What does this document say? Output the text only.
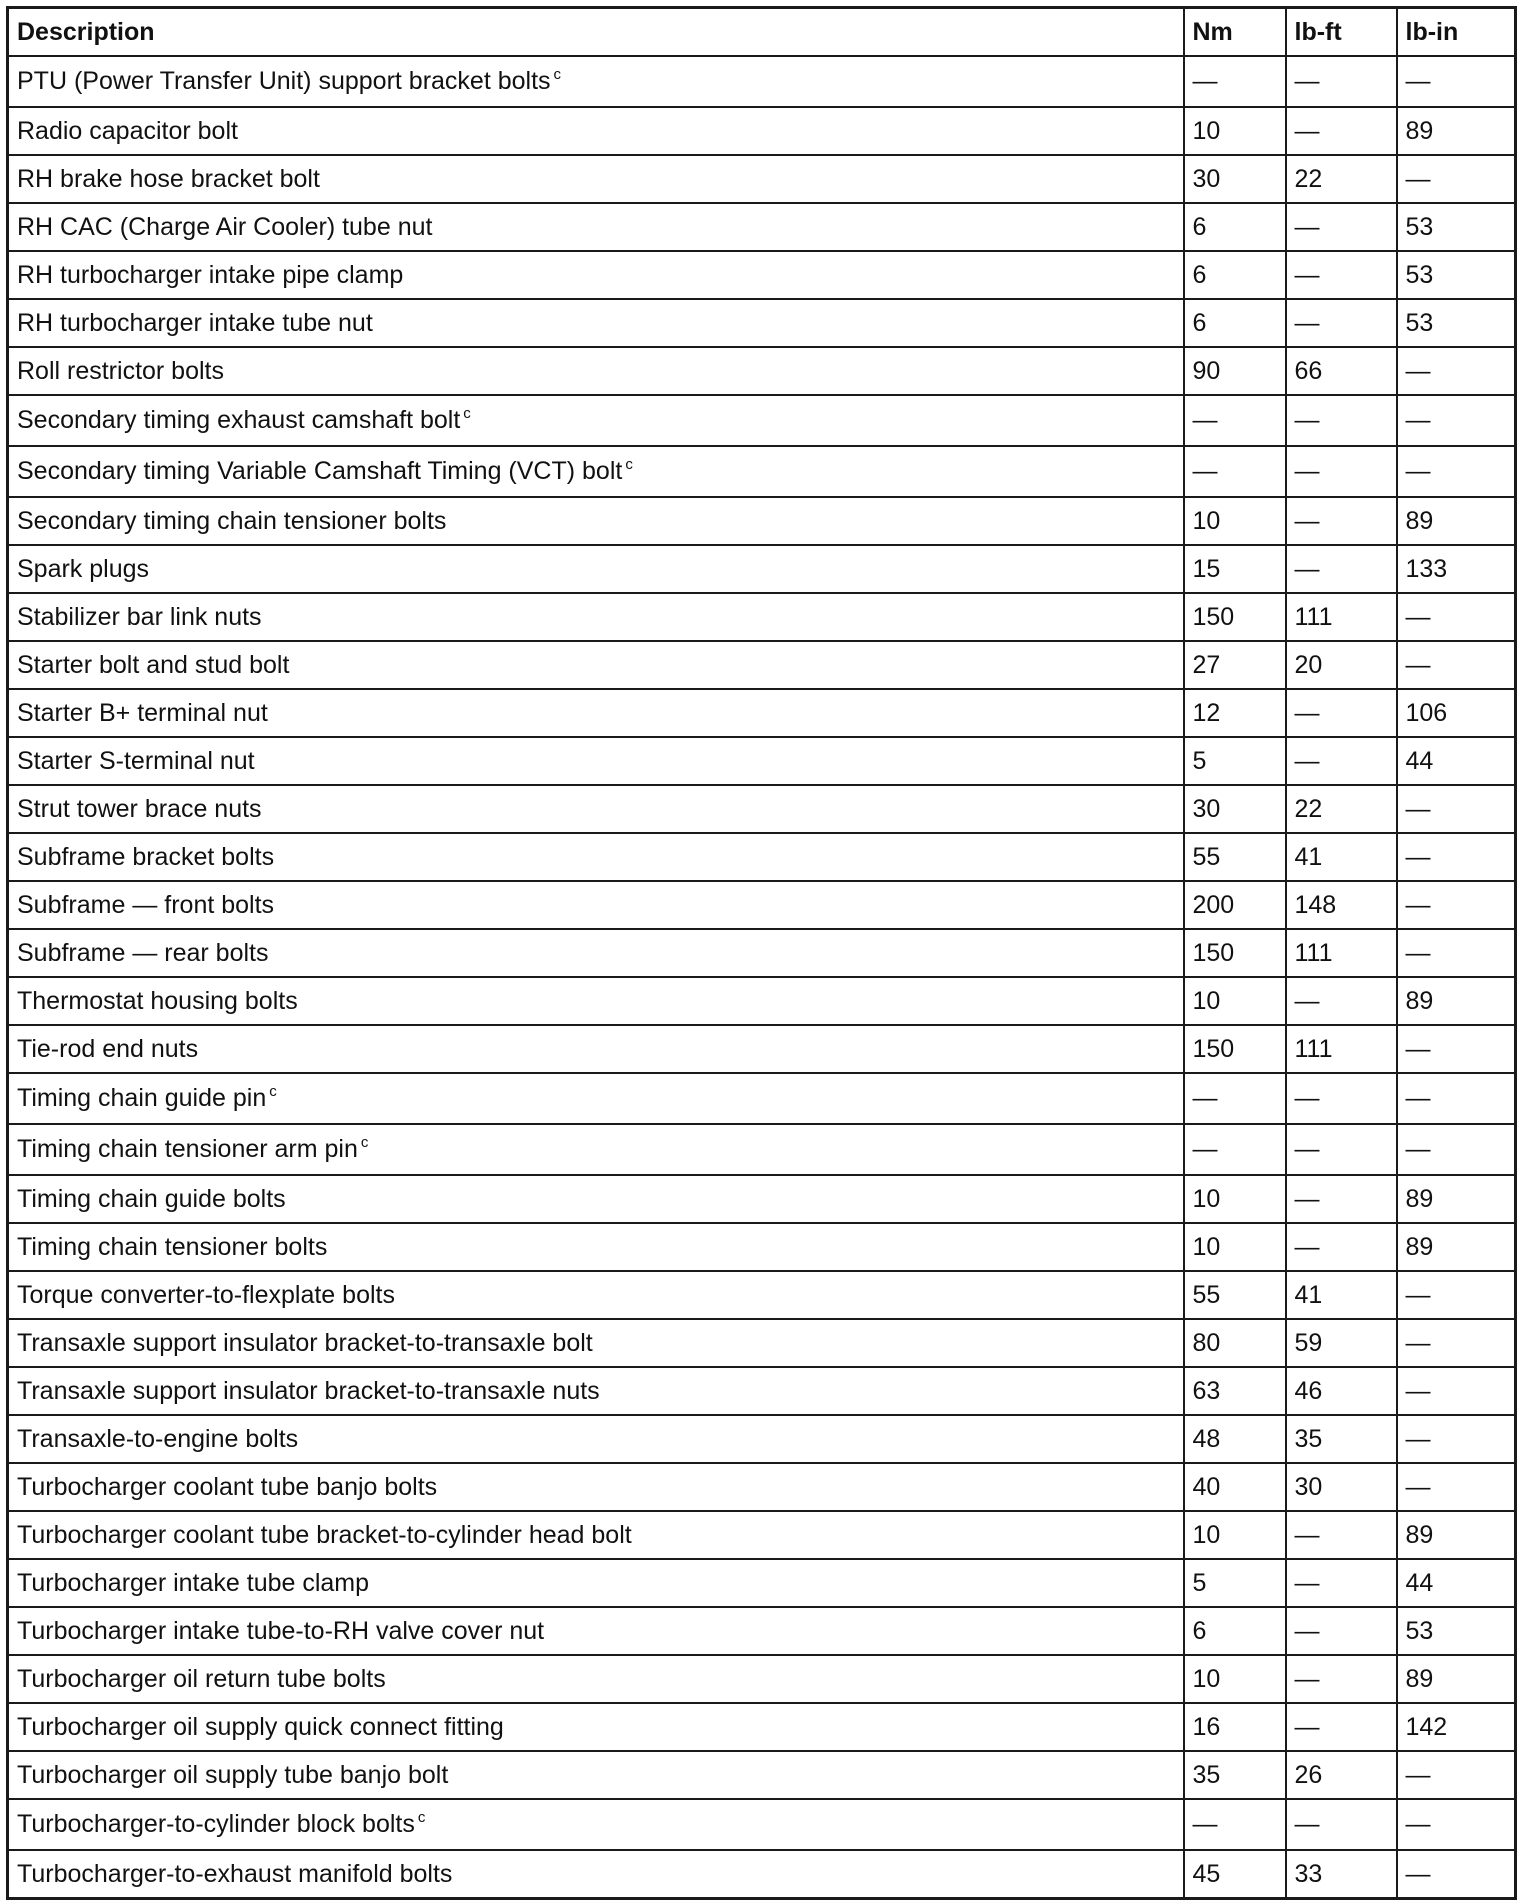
Description	Nm	lb-ft	lb-in
PTU (Power Transfer Unit) support bracket bolts $^c$	—	—	—
Radio capacitor bolt	10	—	89
RH brake hose bracket bolt	30	22	—
RH CAC (Charge Air Cooler) tube nut	6	—	53
RH turbocharger intake pipe clamp	6	—	53
RH turbocharger intake tube nut	6	—	53
Roll restrictor bolts	90	66	—
Secondary timing exhaust camshaft bolt $^c$	—	—	—
Secondary timing Variable Camshaft Timing (VCT) bolt $^c$	—	—	—
Secondary timing chain tensioner bolts	10	—	89
Spark plugs	15	—	133
Stabilizer bar link nuts	150	111	—
Starter bolt and stud bolt	27	20	—
Starter B+ terminal nut	12	—	106
Starter S-terminal nut	5	—	44
Strut tower brace nuts	30	22	—
Subframe bracket bolts	55	41	—
Subframe — front bolts	200	148	—
Subframe — rear bolts	150	111	—
Thermostat housing bolts	10	—	89
Tie-rod end nuts	150	111	—
Timing chain guide pin $^c$	—	—	—
Timing chain tensioner arm pin $^c$	—	—	—
Timing chain guide bolts	10	—	89
Timing chain tensioner bolts	10	—	89
Torque converter-to-flexplate bolts	55	41	—
Transaxle support insulator bracket-to-transaxle bolt	80	59	—
Transaxle support insulator bracket-to-transaxle nuts	63	46	—
Transaxle-to-engine bolts	48	35	—
Turbocharger coolant tube banjo bolts	40	30	—
Turbocharger coolant tube bracket-to-cylinder head bolt	10	—	89
Turbocharger intake tube clamp	5	—	44
Turbocharger intake tube-to-RH valve cover nut	6	—	53
Turbocharger oil return tube bolts	10	—	89
Turbocharger oil supply quick connect fitting	16	—	142
Turbocharger oil supply tube banjo bolt	35	26	—
Turbocharger-to-cylinder block bolts $^c$	—	—	—
Turbocharger-to-exhaust manifold bolts	45	33	—
